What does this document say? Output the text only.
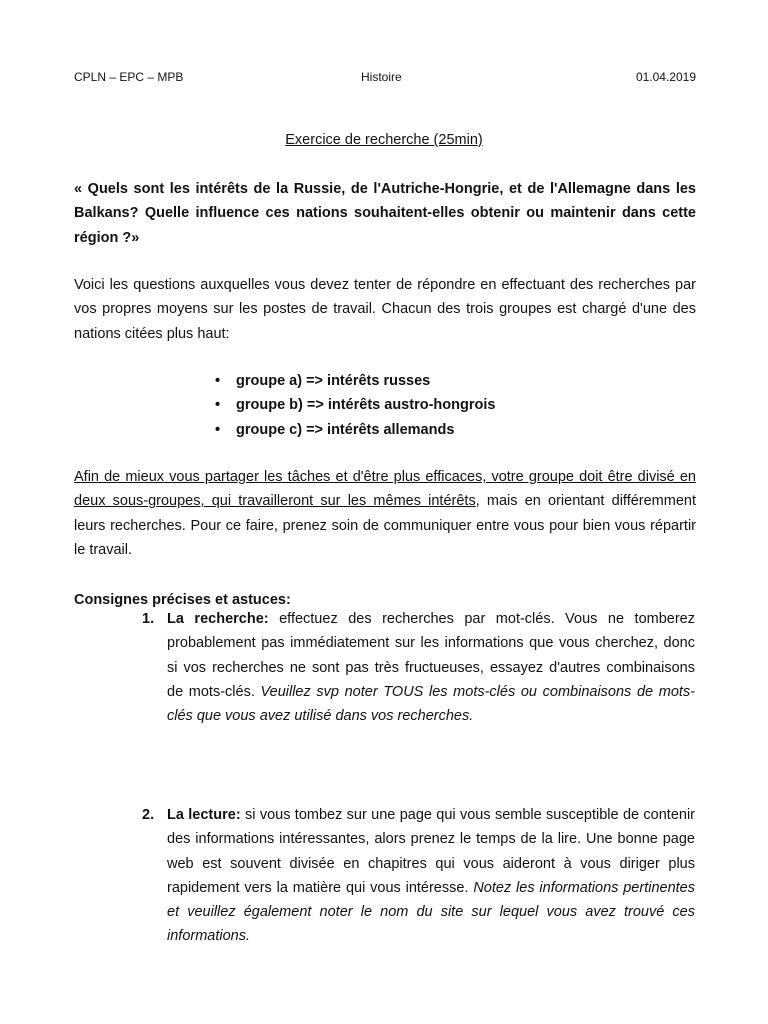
CPLN – EPC – MPB	Histoire	01.04.2019
Exercice de recherche (25min)
« Quels sont les intérêts de la Russie, de l'Autriche-Hongrie, et de l'Allemagne dans les Balkans? Quelle influence ces nations souhaitent-elles obtenir ou maintenir dans cette région ?»
Voici les questions auxquelles vous devez tenter de répondre en effectuant des recherches par vos propres moyens sur les postes de travail. Chacun des trois groupes est chargé d'une des nations citées plus haut:
• groupe a) => intérêts russes
• groupe b) => intérêts austro-hongrois
• groupe c) => intérêts allemands
Afin de mieux vous partager les tâches et d'être plus efficaces, votre groupe doit être divisé en deux sous-groupes, qui travailleront sur les mêmes intérêts, mais en orientant différemment leurs recherches. Pour ce faire, prenez soin de communiquer entre vous pour bien vous répartir le travail.
Consignes précises et astuces:
1. La recherche: effectuez des recherches par mot-clés. Vous ne tomberez probablement pas immédiatement sur les informations que vous cherchez, donc si vos recherches ne sont pas très fructueuses, essayez d'autres combinaisons de mots-clés. Veuillez svp noter TOUS les mots-clés ou combinaisons de mots-clés que vous avez utilisé dans vos recherches.
2. La lecture: si vous tombez sur une page qui vous semble susceptible de contenir des informations intéressantes, alors prenez le temps de la lire. Une bonne page web est souvent divisée en chapitres qui vous aideront à vous diriger plus rapidement vers la matière qui vous intéresse. Notez les informations pertinentes et veuillez également noter le nom du site sur lequel vous avez trouvé ces informations.
